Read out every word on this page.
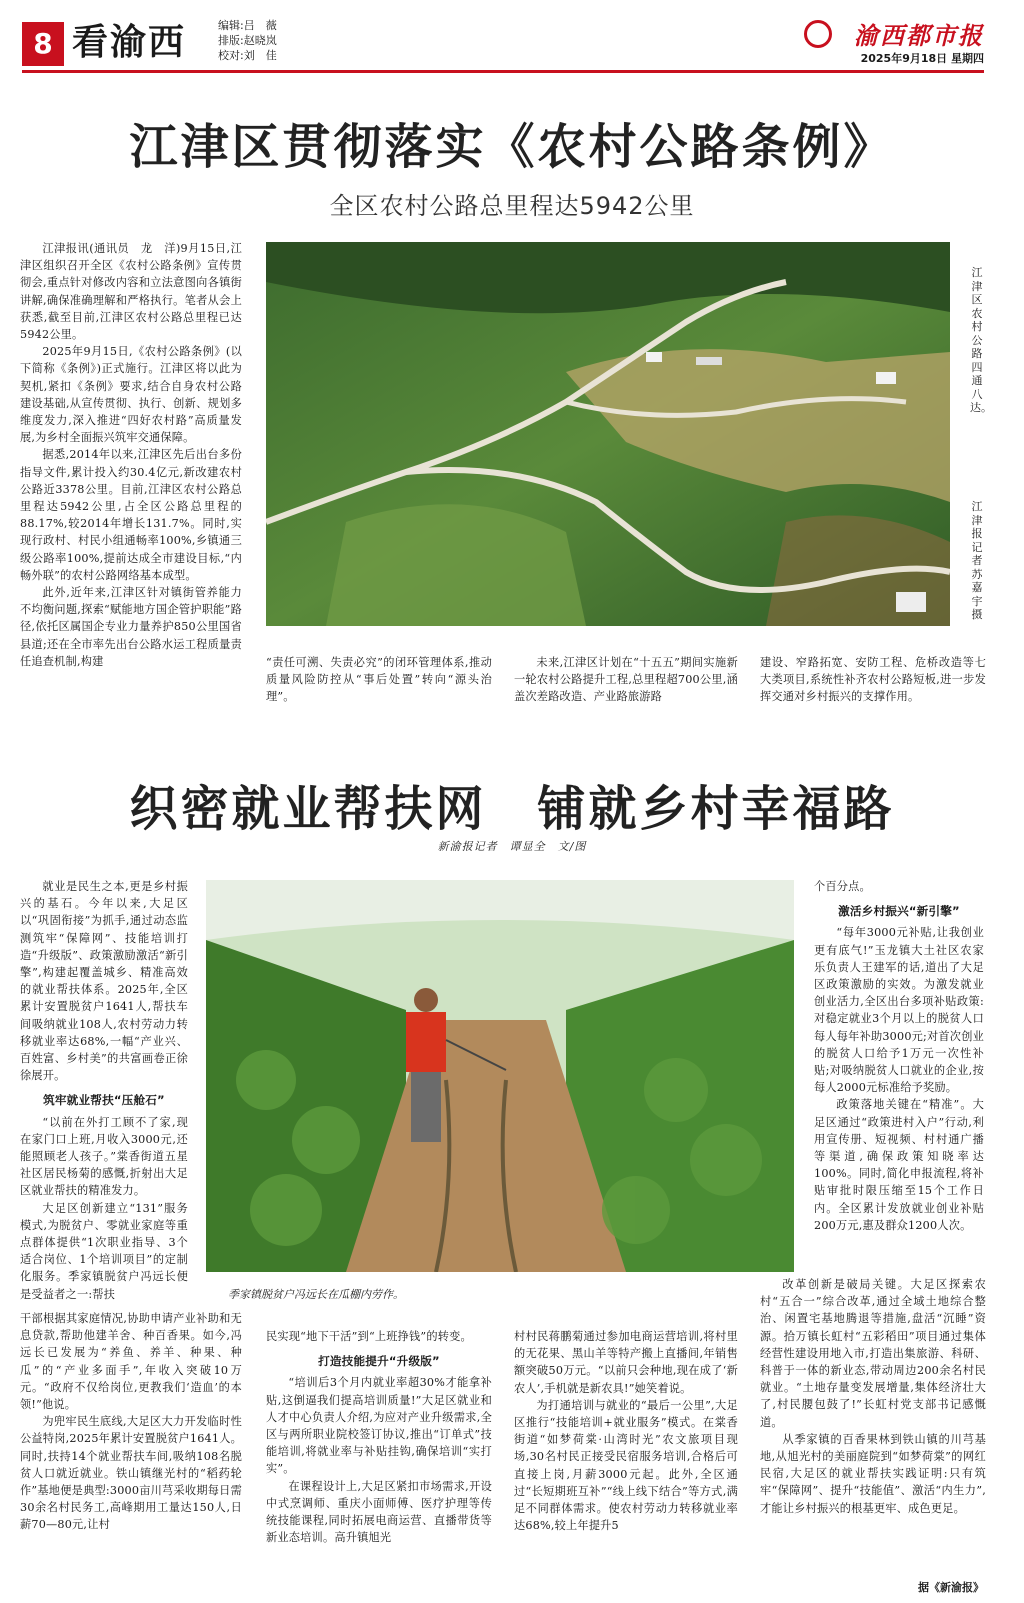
8 看渝西	编辑:吕　薇
排版:赵晓岚
校对:刘　佳
渝西都市报
2025年9月18日 星期四
江津区贯彻落实《农村公路条例》
全区农村公路总里程达5942公里

江津报讯(通讯员　龙　洋)9月15日,江津区组织召开全区《农村公路条例》宣传贯彻会,重点针对修改内容和立法意图向各镇街讲解,确保准确理解和严格执行。笔者从会上获悉,截至目前,江津区农村公路总里程已达5942公里。

2025年9月15日,《农村公路条例》(以下简称《条例》)正式施行。江津区将以此为契机,紧扣《条例》要求,结合自身农村公路建设基础,从宣传贯彻、执行、创新、规划多维度发力,深入推进“四好农村路”高质量发展,为乡村全面振兴筑牢交通保障。

据悉,2014年以来,江津区先后出台多份指导文件,累计投入约30.4亿元,新改建农村公路近3378公里。目前,江津区农村公路总里程达5942公里,占全区公路总里程的88.17%,较2014年增长131.7%。同时,实现行政村、村民小组通畅率100%,乡镇通三级公路率100%,提前达成全市建设目标,“内畅外联”的农村公路网络基本成型。

此外,近年来,江津区针对镇街管养能力不均衡问题,探索“赋能地方国企管护职能”路径,依托区属国企专业力量养护850公里国省县道;还在全市率先出台公路水运工程质量责任追查机制,构建

江津区农村公路四通八达。
江津报记者　苏嘉宇　摄

“责任可溯、失责必究”的闭环管理体系,推动质量风险防控从“事后处置”转向“源头治理”。

未来,江津区计划在“十五五”期间实施新一轮农村公路提升工程,总里程超700公里,涵盖次差路改造、产业路旅游路

建设、窄路拓宽、安防工程、危桥改造等七大类项目,系统性补齐农村公路短板,进一步发挥交通对乡村振兴的支撑作用。

织密就业帮扶网　铺就乡村幸福路
新渝报记者　谭显全　文/图

就业是民生之本,更是乡村振兴的基石。今年以来,大足区以“巩固衔接”为抓手,通过动态监测筑牢“保障网”、技能培训打造“升级版”、政策激励激活“新引擎”,构建起覆盖城乡、精准高效的就业帮扶体系。2025年,全区累计安置脱贫户1641人,帮扶车间吸纳就业108人,农村劳动力转移就业率达68%,一幅“产业兴、百姓富、乡村美”的共富画卷正徐徐展开。

筑牢就业帮扶“压舱石”

“以前在外打工顾不了家,现在家门口上班,月收入3000元,还能照顾老人孩子。”棠香街道五星社区居民杨菊的感慨,折射出大足区就业帮扶的精准发力。

大足区创新建立“131”服务模式,为脱贫户、零就业家庭等重点群体提供“1次职业指导、3个适合岗位、1个培训项目”的定制化服务。季家镇脱贫户冯远长便是受益者之一:帮扶	季家镇脱贫户冯远长在瓜棚内劳作。

干部根据其家庭情况,协助申请产业补助和无息贷款,帮助他建羊舍、种百香果。如今,冯远长已发展为“养鱼、养羊、种果、种瓜”的“产业多面手”,年收入突破10万元。“政府不仅给岗位,更教我们‘造血’的本领!”他说。

为兜牢民生底线,大足区大力开发临时性公益特岗,2025年累计安置脱贫户1641人。同时,扶持14个就业帮扶车间,吸纳108名脱贫人口就近就业。铁山镇继光村的“稻药轮作”基地便是典型:3000亩川芎采收期每日需30余名村民务工,高峰期用工量达150人,日薪70—80元,让村

民实现“地下干活”到“上班挣钱”的转变。

打造技能提升“升级版”

“培训后3个月内就业率超30%才能拿补贴,这倒逼我们提高培训质量!”大足区就业和人才中心负责人介绍,为应对产业升级需求,全区与两所职业院校签订协议,推出“订单式”技能培训,将就业率与补贴挂钩,确保培训“实打实”。

在课程设计上,大足区紧扣市场需求,开设中式烹调师、重庆小面师傅、医疗护理等传统技能课程,同时拓展电商运营、直播带货等新业态培训。高升镇旭光

村村民蒋鹏菊通过参加电商运营培训,将村里的无花果、黑山羊等特产搬上直播间,年销售额突破50万元。“以前只会种地,现在成了‘新农人’,手机就是新农具!”她笑着说。

为打通培训与就业的“最后一公里”,大足区推行“技能培训+就业服务”模式。在棠香街道“如梦荷棠·山湾时光”农文旅项目现场,30名村民正接受民宿服务培训,合格后可直接上岗,月薪3000元起。此外,全区通过“长短期班互补”“线上线下结合”等方式,满足不同群体需求。使农村劳动力转移就业率达68%,较上年提升5

个百分点。

激活乡村振兴“新引擎”

“每年3000元补贴,让我创业更有底气!”玉龙镇大土社区农家乐负责人王建军的话,道出了大足区政策激励的实效。为激发就业创业活力,全区出台多项补贴政策:对稳定就业3个月以上的脱贫人口每人每年补助3000元;对首次创业的脱贫人口给予1万元一次性补贴;对吸纳脱贫人口就业的企业,按每人2000元标准给予奖励。

政策落地关键在“精准”。大足区通过“政策进村入户”行动,利用宣传册、短视频、村村通广播等渠道,确保政策知晓率达100%。同时,简化申报流程,将补贴审批时限压缩至15个工作日内。全区累计发放就业创业补贴200万元,惠及群众1200人次。

改革创新是破局关键。大足区探索农村“五合一”综合改革,通过全域土地综合整治、闲置宅基地腾退等措施,盘活“沉睡”资源。拾万镇长虹村“五彩稻田”项目通过集体经营性建设用地入市,打造出集旅游、科研、科普于一体的新业态,带动周边200余名村民就业。“土地存量变发展增量,集体经济壮大了,村民腰包鼓了!”长虹村党支部书记感慨道。

从季家镇的百香果林到铁山镇的川芎基地,从旭光村的美丽庭院到“如梦荷棠”的网红民宿,大足区的就业帮扶实践证明:只有筑牢“保障网”、提升“技能值”、激活“内生力”,才能让乡村振兴的根基更牢、成色更足。

据《新渝报》
